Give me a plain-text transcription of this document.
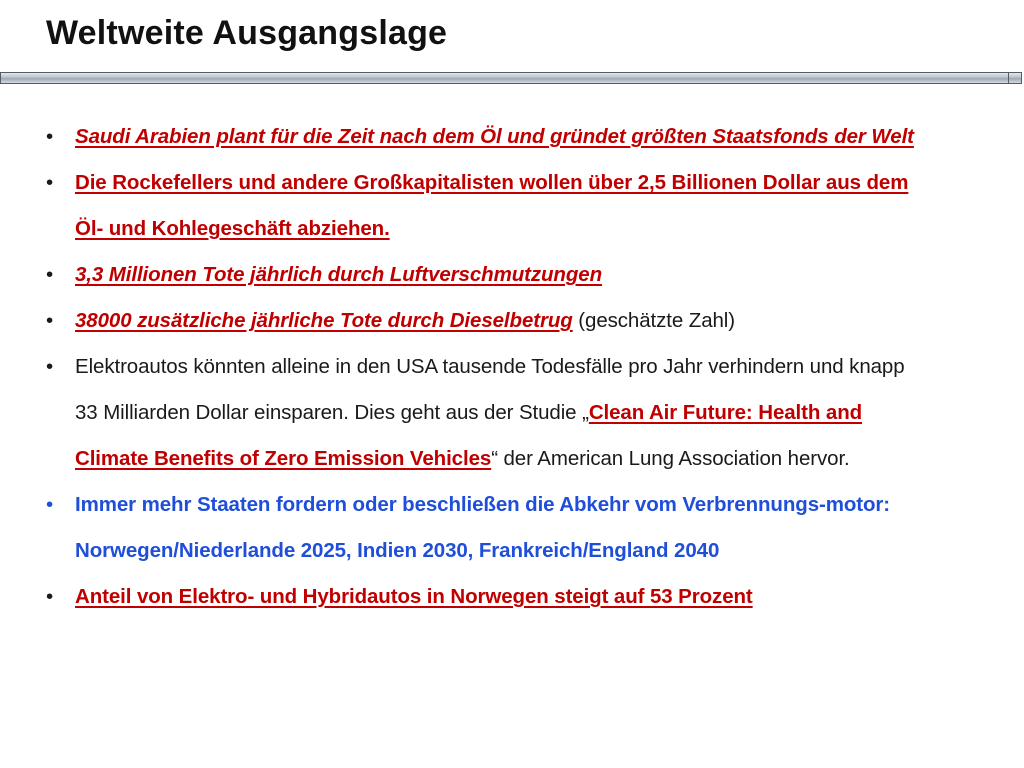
Weltweite Ausgangslage
•	Saudi Arabien plant für die Zeit nach dem Öl und gründet größten Staatsfonds der Welt
•	Die Rockefellers und andere Großkapitalisten wollen über 2,5 Billionen Dollar aus dem Öl- und Kohlegeschäft abziehen.
•	3,3 Millionen Tote jährlich durch Luftverschmutzungen
•	38000 zusätzliche jährliche Tote durch Dieselbetrug (geschätzte Zahl)
•	Elektroautos könnten alleine in den USA tausende Todesfälle pro Jahr verhindern und knapp 33 Milliarden Dollar einsparen. Dies geht aus der Studie „Clean Air Future: Health and Climate Benefits of Zero Emission Vehicles“ der American Lung Association hervor.
•	Immer mehr Staaten fordern oder beschließen die Abkehr vom Verbrennungs-motor: Norwegen/Niederlande 2025, Indien 2030, Frankreich/England 2040
•	Anteil von Elektro- und Hybridautos in Norwegen steigt auf 53 Prozent
